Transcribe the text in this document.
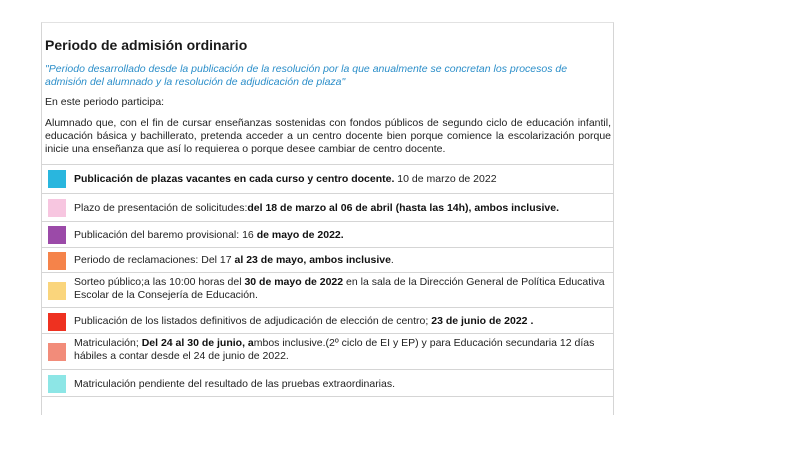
Periodo de admisión ordinario
"Periodo desarrollado desde la publicación de la resolución por la que anualmente se concretan los procesos de admisión del alumnado y la resolución de adjudicación de plaza"
En este periodo participa:
Alumnado que, con el fin de cursar enseñanzas sostenidas con fondos públicos de segundo ciclo de educación infantil, educación básica y bachillerato, pretenda acceder a un centro docente bien porque comience la escolarización porque inicie una enseñanza que así lo requierea o porque desee cambiar de centro docente.
Publicación de plazas vacantes en cada curso y centro docente. 10 de marzo de 2022
Plazo de presentación de solicitudes:del 18 de marzo al 06 de abril (hasta las 14h), ambos inclusive.
Publicación del baremo provisional: 16 de mayo de 2022.
Periodo de reclamaciones: Del 17 al 23 de mayo, ambos inclusive.
Sorteo público;a las 10:00 horas del 30 de mayo de 2022 en la sala de la Dirección General de Política Educativa Escolar de la Consejería de Educación.
Publicación de los listados definitivos de adjudicación de elección de centro; 23 de junio de 2022 .
Matriculación; Del 24 al 30 de junio, ambos inclusive.(2º ciclo de EI y EP) y para Educación secundaria 12 días hábiles a contar desde el 24 de junio de 2022.
Matriculación pendiente del resultado de las pruebas extraordinarias.
